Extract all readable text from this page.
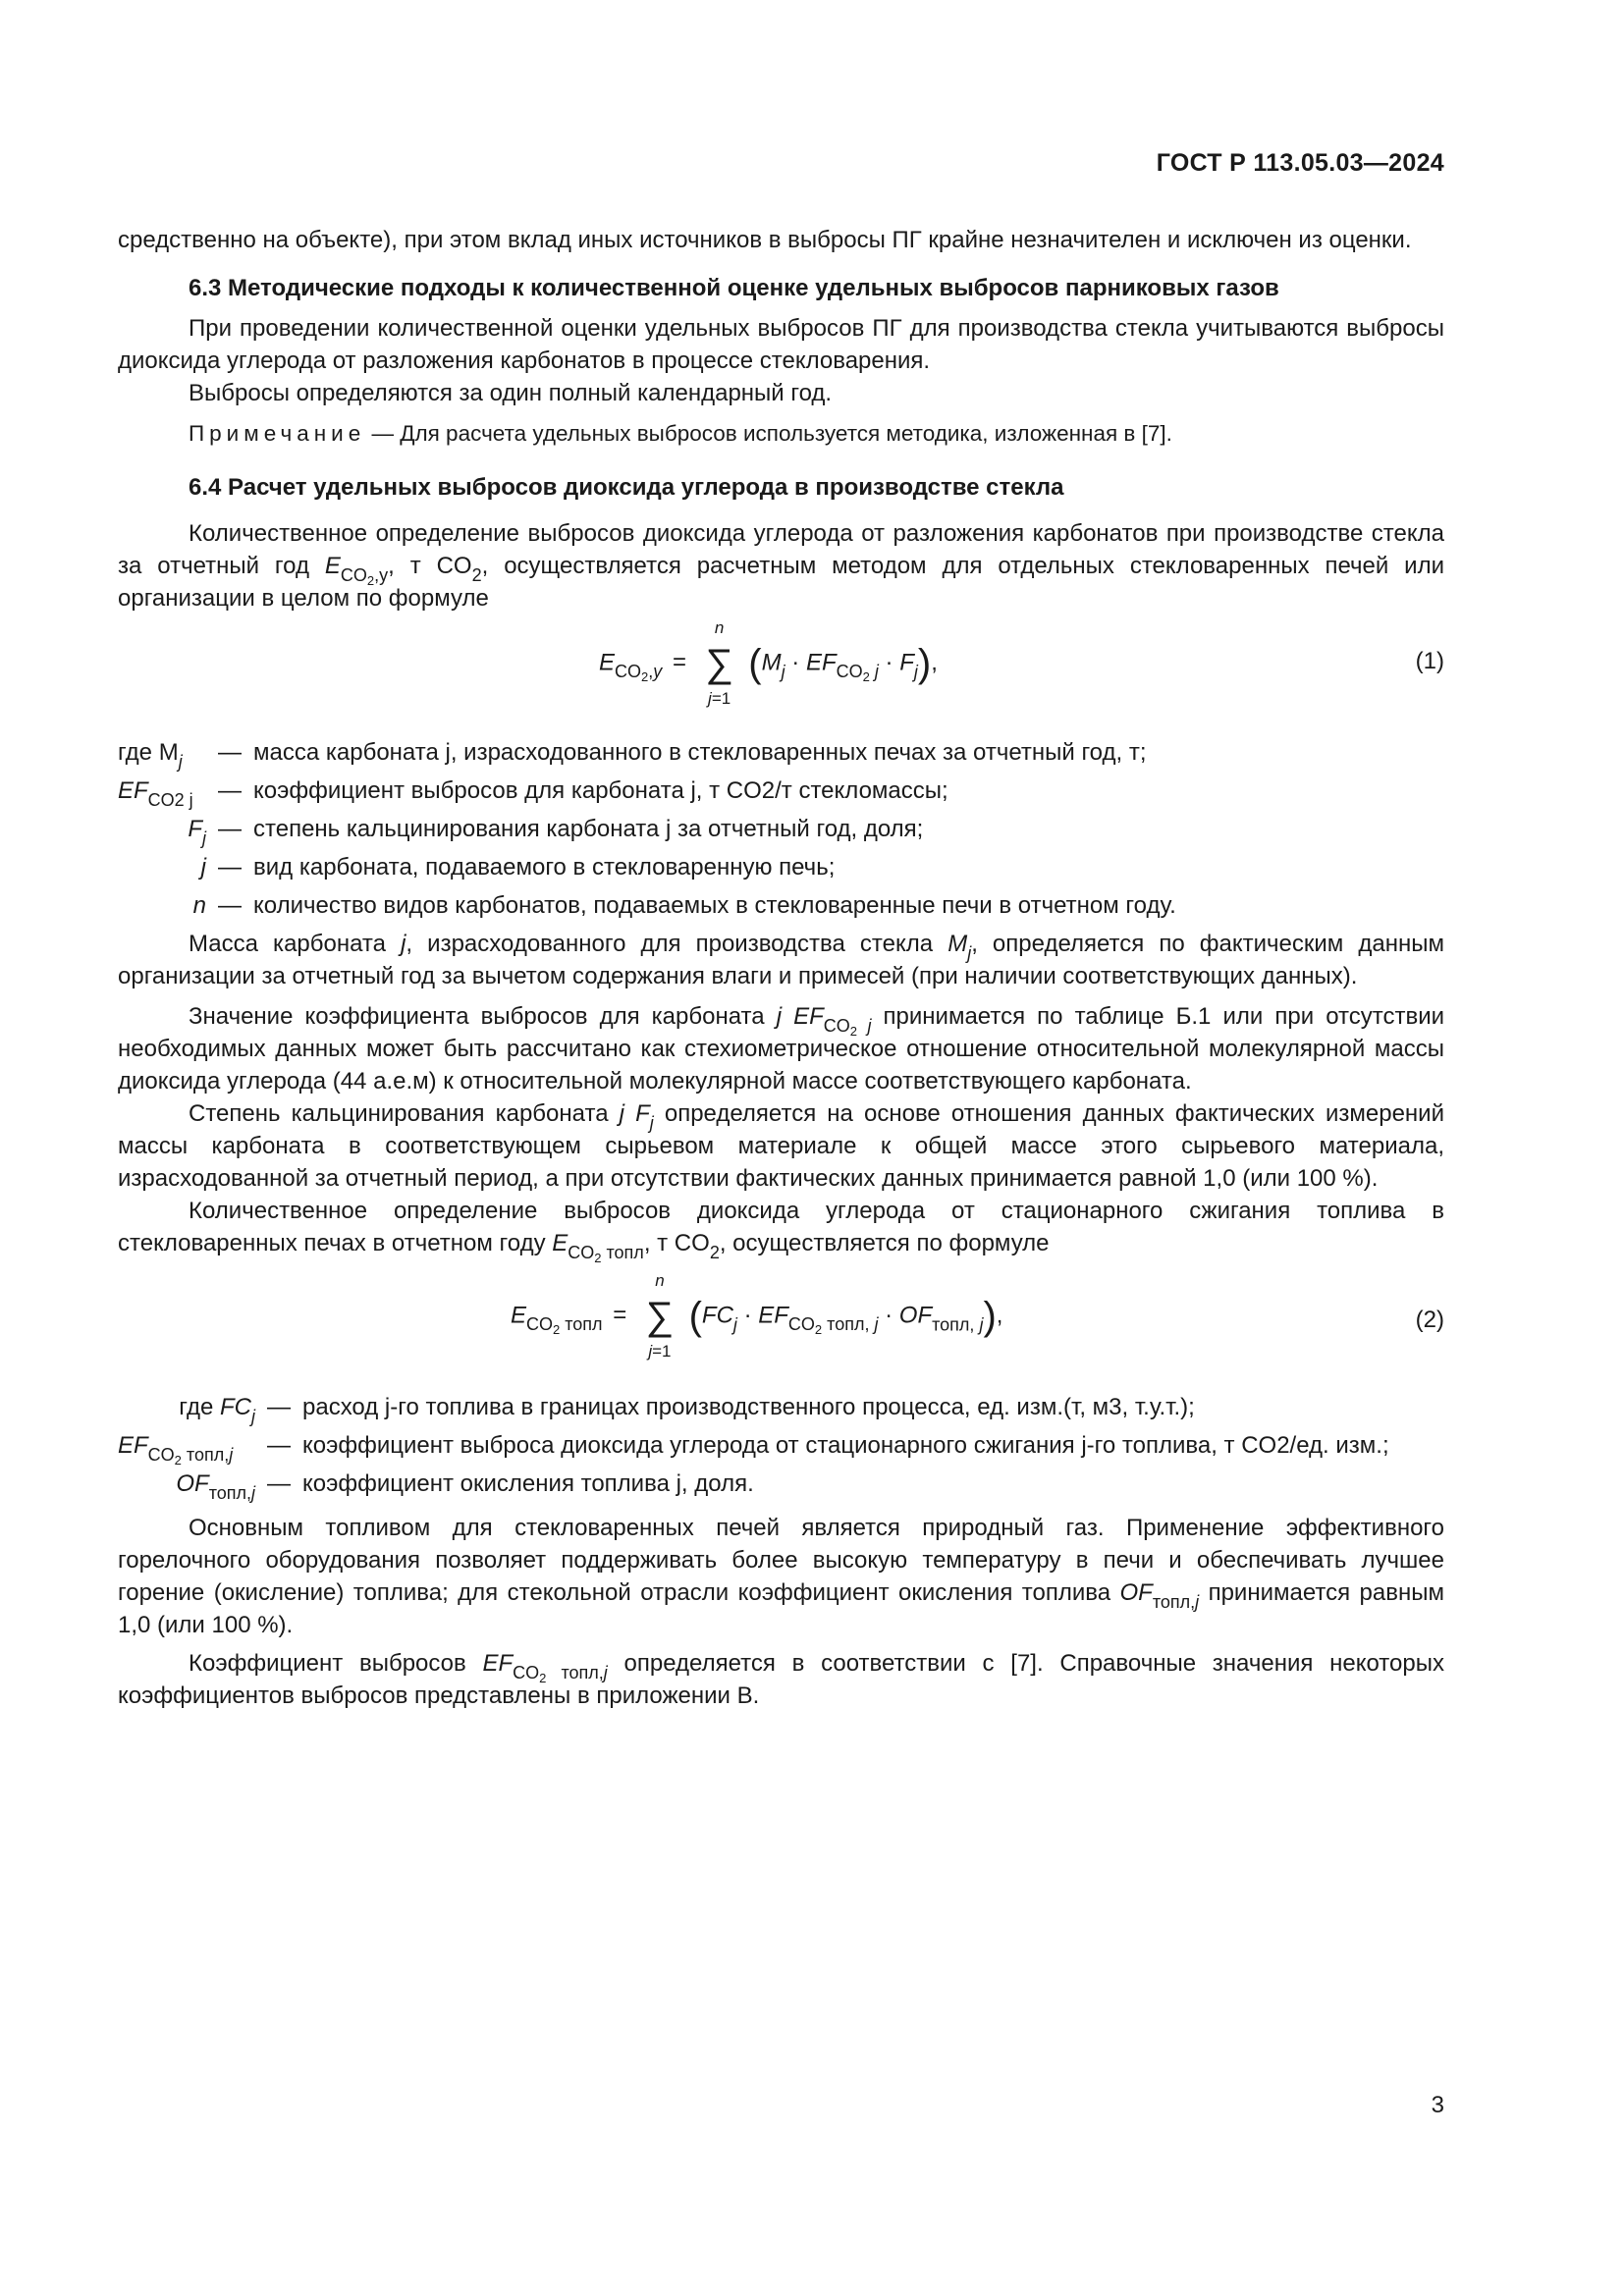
ГОСТ Р 113.05.03—2024

средственно на объекте), при этом вклад иных источников в выбросы ПГ крайне незначителен и исключен из оценки.

6.3 Методические подходы к количественной оценке удельных выбросов парниковых газов

При проведении количественной оценки удельных выбросов ПГ для производства стекла учитываются выбросы диоксида углерода от разложения карбонатов в процессе стекловарения.

Выбросы определяются за один полный календарный год.

Примечание — Для расчета удельных выбросов используется методика, изложенная в [7].
6.4 Расчет удельных выбросов диоксида углерода в производстве стекла

Количественное определение выбросов диоксида углерода от разложения карбонатов при производстве стекла за отчетный год $E_{CO_2,y}$, т $CO_2$, осуществляется расчетным методом для отдельных стекловаренных печей или организации в целом по формуле

$E_{CO_2,y}$ =
n
∑
j=1
$(M_j \cdot EF_{CO_2 j} \cdot F_j)$,	(1)
где $M_j$	— масса карбоната j, израсходованного в стекловаренных печах за отчетный год, т;
$EF_{CO2 j}$	— коэффициент выбросов для карбоната j, т CO2/т стекломассы;
$F_j$ — степень кальцинирования карбоната j за отчетный год, доля;
j — вид карбоната, подаваемого в стекловаренную печь;
n — количество видов карбонатов, подаваемых в стекловаренные печи в отчетном году.

Масса карбоната j, израсходованного для производства стекла $M_j$, определяется по фактическим данным организации за отчетный год за вычетом содержания влаги и примесей (при наличии соответствующих данных).

Значение коэффициента выбросов для карбоната j $EF_{CO_2 j}$ принимается по таблице Б.1 или при отсутствии необходимых данных может быть рассчитано как стехиометрическое отношение относительной молекулярной массы диоксида углерода (44 а.е.м) к относительной молекулярной массе соответствующего карбоната.

Степень кальцинирования карбоната j $F_j$ определяется на основе отношения данных фактических измерений массы карбоната в соответствующем сырьевом материале к общей массе этого сырьевого материала, израсходованной за отчетный период, а при отсутствии фактических данных принимается равной 1,0 (или 100 %).

Количественное определение выбросов диоксида углерода от стационарного сжигания топлива в стекловаренных печах в отчетном году $E_{CO_2 топл}$, т $CO_2$, осуществляется по формуле

$E_{CO_2 топл}$ =
n
∑
j=1
$(FC_j \cdot EF_{CO_2 топл, j} \cdot OF_{топл, j})$,	(2)
где $FC_j$ — расход j-го топлива в границах производственного процесса, ед. изм.(т, м3, т.у.т.);
$EF_{CO_2 топл,j}$	— коэффициент выброса диоксида углерода от стационарного сжигания j-го топлива, т CO2/ед. изм.;
$OF_{топл,j}$ — коэффициент окисления топлива j, доля.

Основным топливом для стекловаренных печей является природный газ. Применение эффективного горелочного оборудования позволяет поддерживать более высокую температуру в печи и обеспечивать лучшее горение (окисление) топлива; для стекольной отрасли коэффициент окисления топлива $OF_{топл,j}$ принимается равным 1,0 (или 100 %).

Коэффициент выбросов $EF_{CO_2 топл,j}$ определяется в соответствии с [7]. Справочные значения некоторых коэффициентов выбросов представлены в приложении В.

3
